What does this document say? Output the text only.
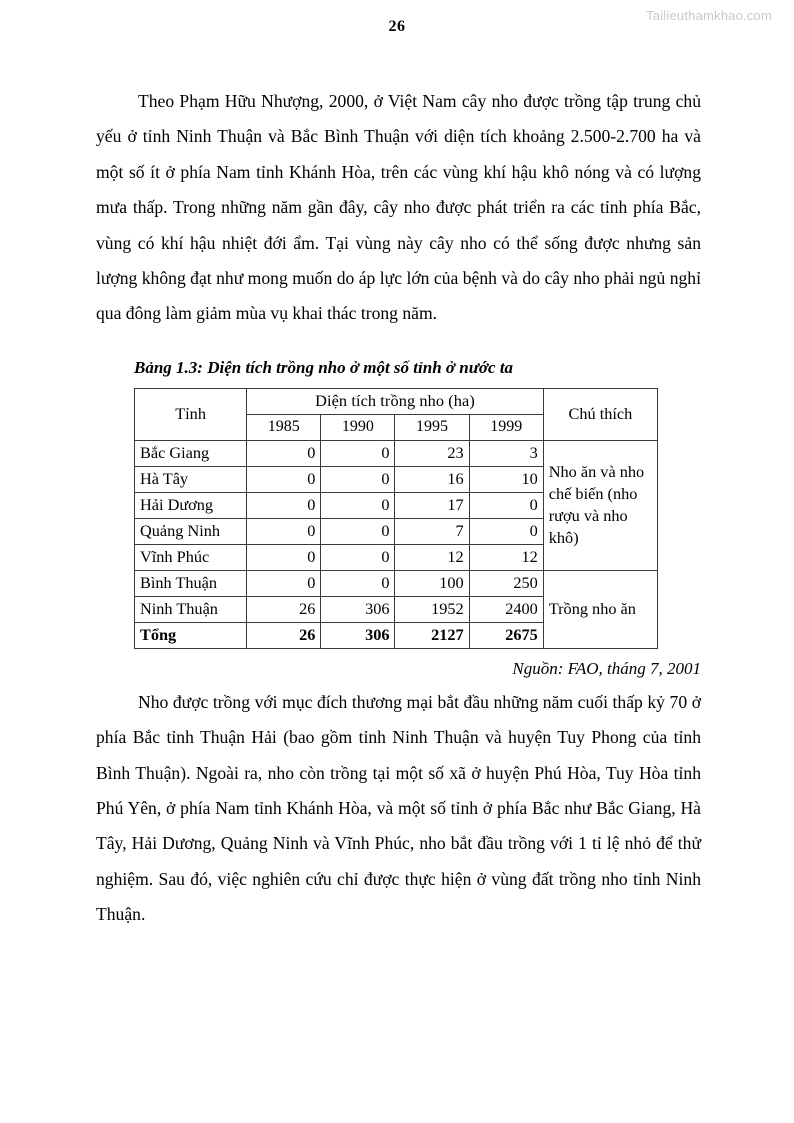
26
Tailieuthamkhao.com

Theo Phạm Hữu Nhượng, 2000, ở Việt Nam cây nho được trồng tập trung chủ yếu ở tỉnh Ninh Thuận và Bắc Bình Thuận với diện tích khoảng 2.500-2.700 ha và một số ít ở phía Nam tỉnh Khánh Hòa, trên các vùng khí hậu khô nóng và có lượng mưa thấp. Trong những năm gần đây, cây nho được phát triển ra các tỉnh phía Bắc, vùng có khí hậu nhiệt đới ẩm. Tại vùng này cây nho có thể sống được nhưng sản lượng không đạt như mong muốn do áp lực lớn của bệnh và do cây nho phải ngủ nghỉ qua đông làm giảm mùa vụ khai thác trong năm.

Bảng 1.3: Diện tích trồng nho ở một số tỉnh ở nước ta
Tỉnh	Diện tích trồng nho (ha)				Chú thích
	1985	1990	1995	1999	
Bắc Giang	0	0	23	3	Nho ăn và nho chế biến (nho rượu và nho khô)
Hà Tây	0	0	16	10	
Hải Dương	0	0	17	0	
Quảng Ninh	0	0	7	0	
Vĩnh Phúc	0	0	12	12	
Bình Thuận	0	0	100	250	Trồng nho ăn
Ninh Thuận	26	306	1952	2400	
Tổng	26	306	2127	2675	
Nguồn: FAO, tháng 7, 2001

Nho được trồng với mục đích thương mại bắt đầu những năm cuối thấp kỷ 70 ở phía Bắc tỉnh Thuận Hải (bao gồm tỉnh Ninh Thuận và huyện Tuy Phong của tỉnh Bình Thuận). Ngoài ra, nho còn trồng tại một số xã ở huyện Phú Hòa, Tuy Hòa tỉnh Phú Yên, ở phía Nam tỉnh Khánh Hòa, và một số tỉnh ở phía Bắc như Bắc Giang, Hà Tây, Hải Dương, Quảng Ninh và Vĩnh Phúc, nho bắt đầu trồng với 1 tỉ lệ nhỏ để thử nghiệm. Sau đó, việc nghiên cứu chỉ được thực hiện ở vùng đất trồng nho tỉnh Ninh Thuận.
